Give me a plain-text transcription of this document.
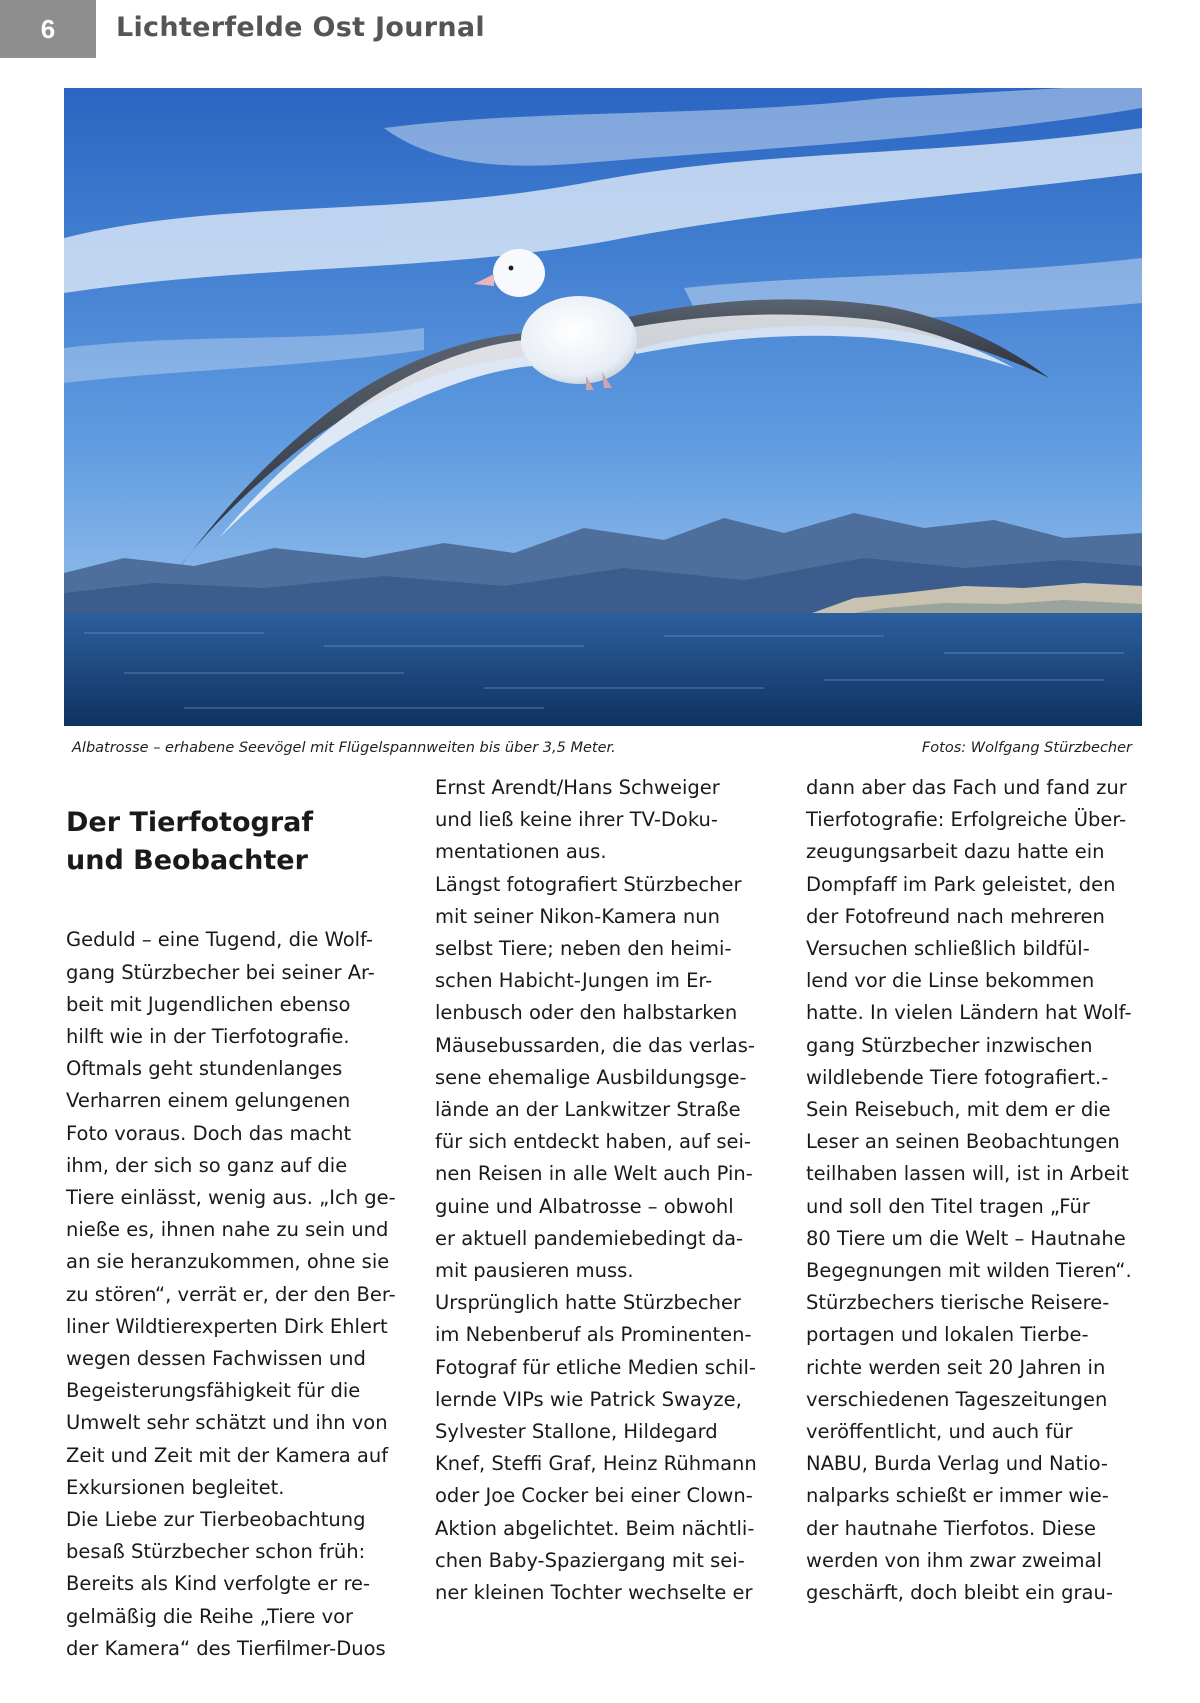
6	Lichterfelde Ost Journal
Albatrosse – erhabene Seevögel mit Flügelspannweiten bis über 3,5 Meter.	Fotos: Wolfgang Stürzbecher

Der Tierfotograf
und Beobachter

Geduld – eine Tugend, die Wolf-
gang Stürzbecher bei seiner Ar-
beit mit Jugendlichen ebenso
hilft wie in der Tierfotografie.
Oftmals geht stundenlanges
Verharren einem gelungenen
Foto voraus. Doch das macht
ihm, der sich so ganz auf die
Tiere einlässt, wenig aus. „Ich ge-
nieße es, ihnen nahe zu sein und
an sie heranzukommen, ohne sie
zu stören“, verrät er, der den Ber-
liner Wildtierexperten Dirk Ehlert
wegen dessen Fachwissen und
Begeisterungsfähigkeit für die
Umwelt sehr schätzt und ihn von
Zeit und Zeit mit der Kamera auf
Exkursionen begleitet.
Die Liebe zur Tierbeobachtung
besaß Stürzbecher schon früh:
Bereits als Kind verfolgte er re-
gelmäßig die Reihe „Tiere vor
der Kamera“ des Tierfilmer-Duos

Ernst Arendt/Hans Schweiger
und ließ keine ihrer TV-Doku-
mentationen aus.
Längst fotografiert Stürzbecher
mit seiner Nikon-Kamera nun
selbst Tiere; neben den heimi-
schen Habicht-Jungen im Er-
lenbusch oder den halbstarken
Mäusebussarden, die das verlas-
sene ehemalige Ausbildungsge-
lände an der Lankwitzer Straße
für sich entdeckt haben, auf sei-
nen Reisen in alle Welt auch Pin-
guine und Albatrosse – obwohl
er aktuell pandemiebedingt da-
mit pausieren muss.
Ursprünglich hatte Stürzbecher
im Nebenberuf als Prominenten-
Fotograf für etliche Medien schil-
lernde VIPs wie Patrick Swayze,
Sylvester Stallone, Hildegard
Knef, Steffi Graf, Heinz Rühmann
oder Joe Cocker bei einer Clown-
Aktion abgelichtet. Beim nächtli-
chen Baby-Spaziergang mit sei-
ner kleinen Tochter wechselte er
dann aber das Fach und fand zur
Tierfotografie: Erfolgreiche Über-
zeugungsarbeit dazu hatte ein
Dompfaff im Park geleistet, den
der Fotofreund nach mehreren
Versuchen schließlich bildfül-
lend vor die Linse bekommen
hatte. In vielen Ländern hat Wolf-
gang Stürzbecher inzwischen
wildlebende Tiere fotografiert.-
Sein Reisebuch, mit dem er die
Leser an seinen Beobachtungen
teilhaben lassen will, ist in Arbeit
und soll den Titel tragen „Für
80 Tiere um die Welt – Hautnahe
Begegnungen mit wilden Tieren“.
Stürzbechers tierische Reisere-
portagen und lokalen Tierbe-
richte werden seit 20 Jahren in
verschiedenen Tageszeitungen
veröffentlicht, und auch für
NABU, Burda Verlag und Natio-
nalparks schießt er immer wie-
der hautnahe Tierfotos. Diese
werden von ihm zwar zweimal
geschärft, doch bleibt ein grau-
